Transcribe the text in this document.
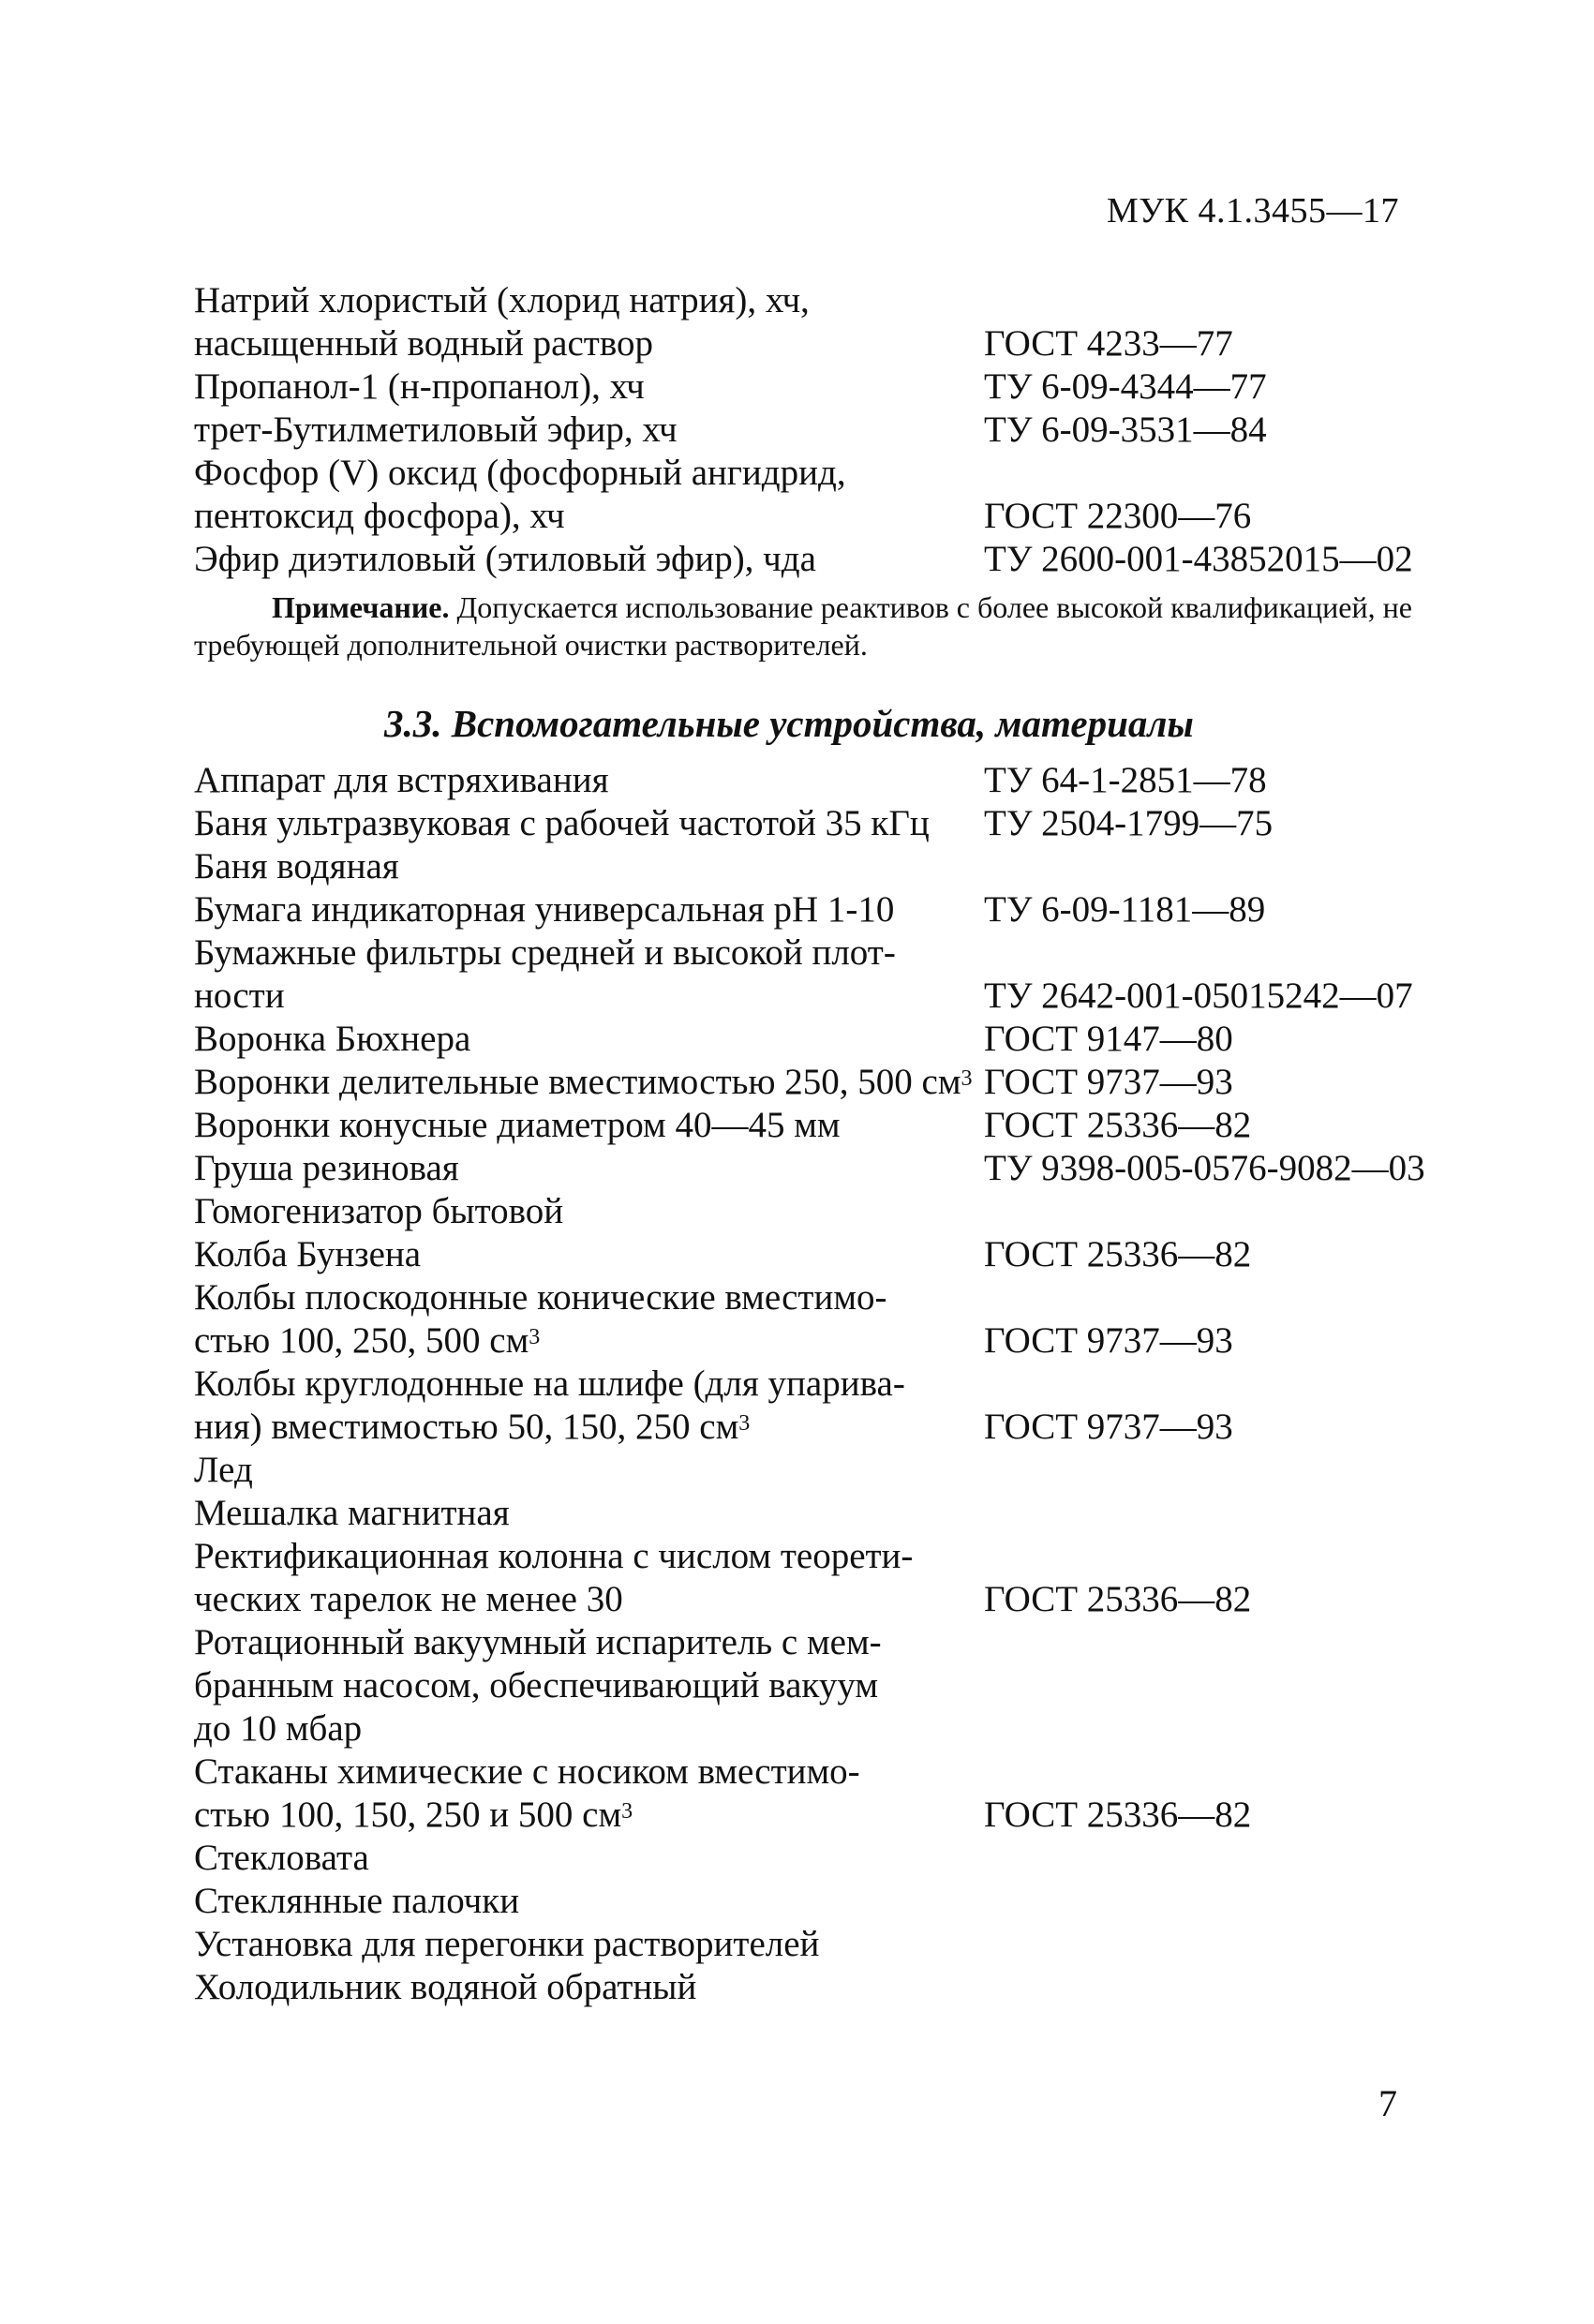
МУК 4.1.3455—17
Натрий хлористый (хлорид натрия), хч,
насыщенный водный раствор	ГОСТ 4233—77
Пропанол-1 (н-пропанол), хч	ТУ 6-09-4344—77
трет-Бутилметиловый эфир, хч	ТУ 6-09-3531—84
Фосфор (V) оксид (фосфорный ангидрид,
пентоксид фосфора), хч	ГОСТ 22300—76
Эфир диэтиловый (этиловый эфир), чда	ТУ 2600-001-43852015—02
Примечание. Допускается использование реактивов с более высокой квалификацией, не требующей дополнительной очистки растворителей.
3.3. Вспомогательные устройства, материалы
Аппарат для встряхивания	ТУ 64-1-2851—78
Баня ультразвуковая с рабочей частотой 35 кГц	ТУ 2504-1799—75
Баня водяная
Бумага индикаторная универсальная рН 1-10	ТУ 6-09-1181—89
Бумажные фильтры средней и высокой плот-
ности	ТУ 2642-001-05015242—07
Воронка Бюхнера	ГОСТ 9147—80
Воронки делительные вместимостью 250, 500 $см^3$ ГОСТ 9737—93
Воронки конусные диаметром 40—45 мм	ГОСТ 25336—82
Груша резиновая	ТУ 9398-005-0576-9082—03
Гомогенизатор бытовой
Колба Бунзена	ГОСТ 25336—82
Колбы плоскодонные конические вместимо-
стью 100, 250, 500 $см^3$	ГОСТ 9737—93
Колбы круглодонные на шлифе (для упарива-
ния) вместимостью 50, 150, 250 $см^3$	ГОСТ 9737—93
Лед
Мешалка магнитная
Ректификационная колонна с числом теорети-
ческих тарелок не менее 30	ГОСТ 25336—82
Ротационный вакуумный испаритель с мем-
бранным насосом, обеспечивающий вакуум
до 10 мбар
Стаканы химические с носиком вместимо-
стью 100, 150, 250 и 500 $см^3$	ГОСТ 25336—82
Стекловата
Стеклянные палочки
Установка для перегонки растворителей
Холодильник водяной обратный
7
